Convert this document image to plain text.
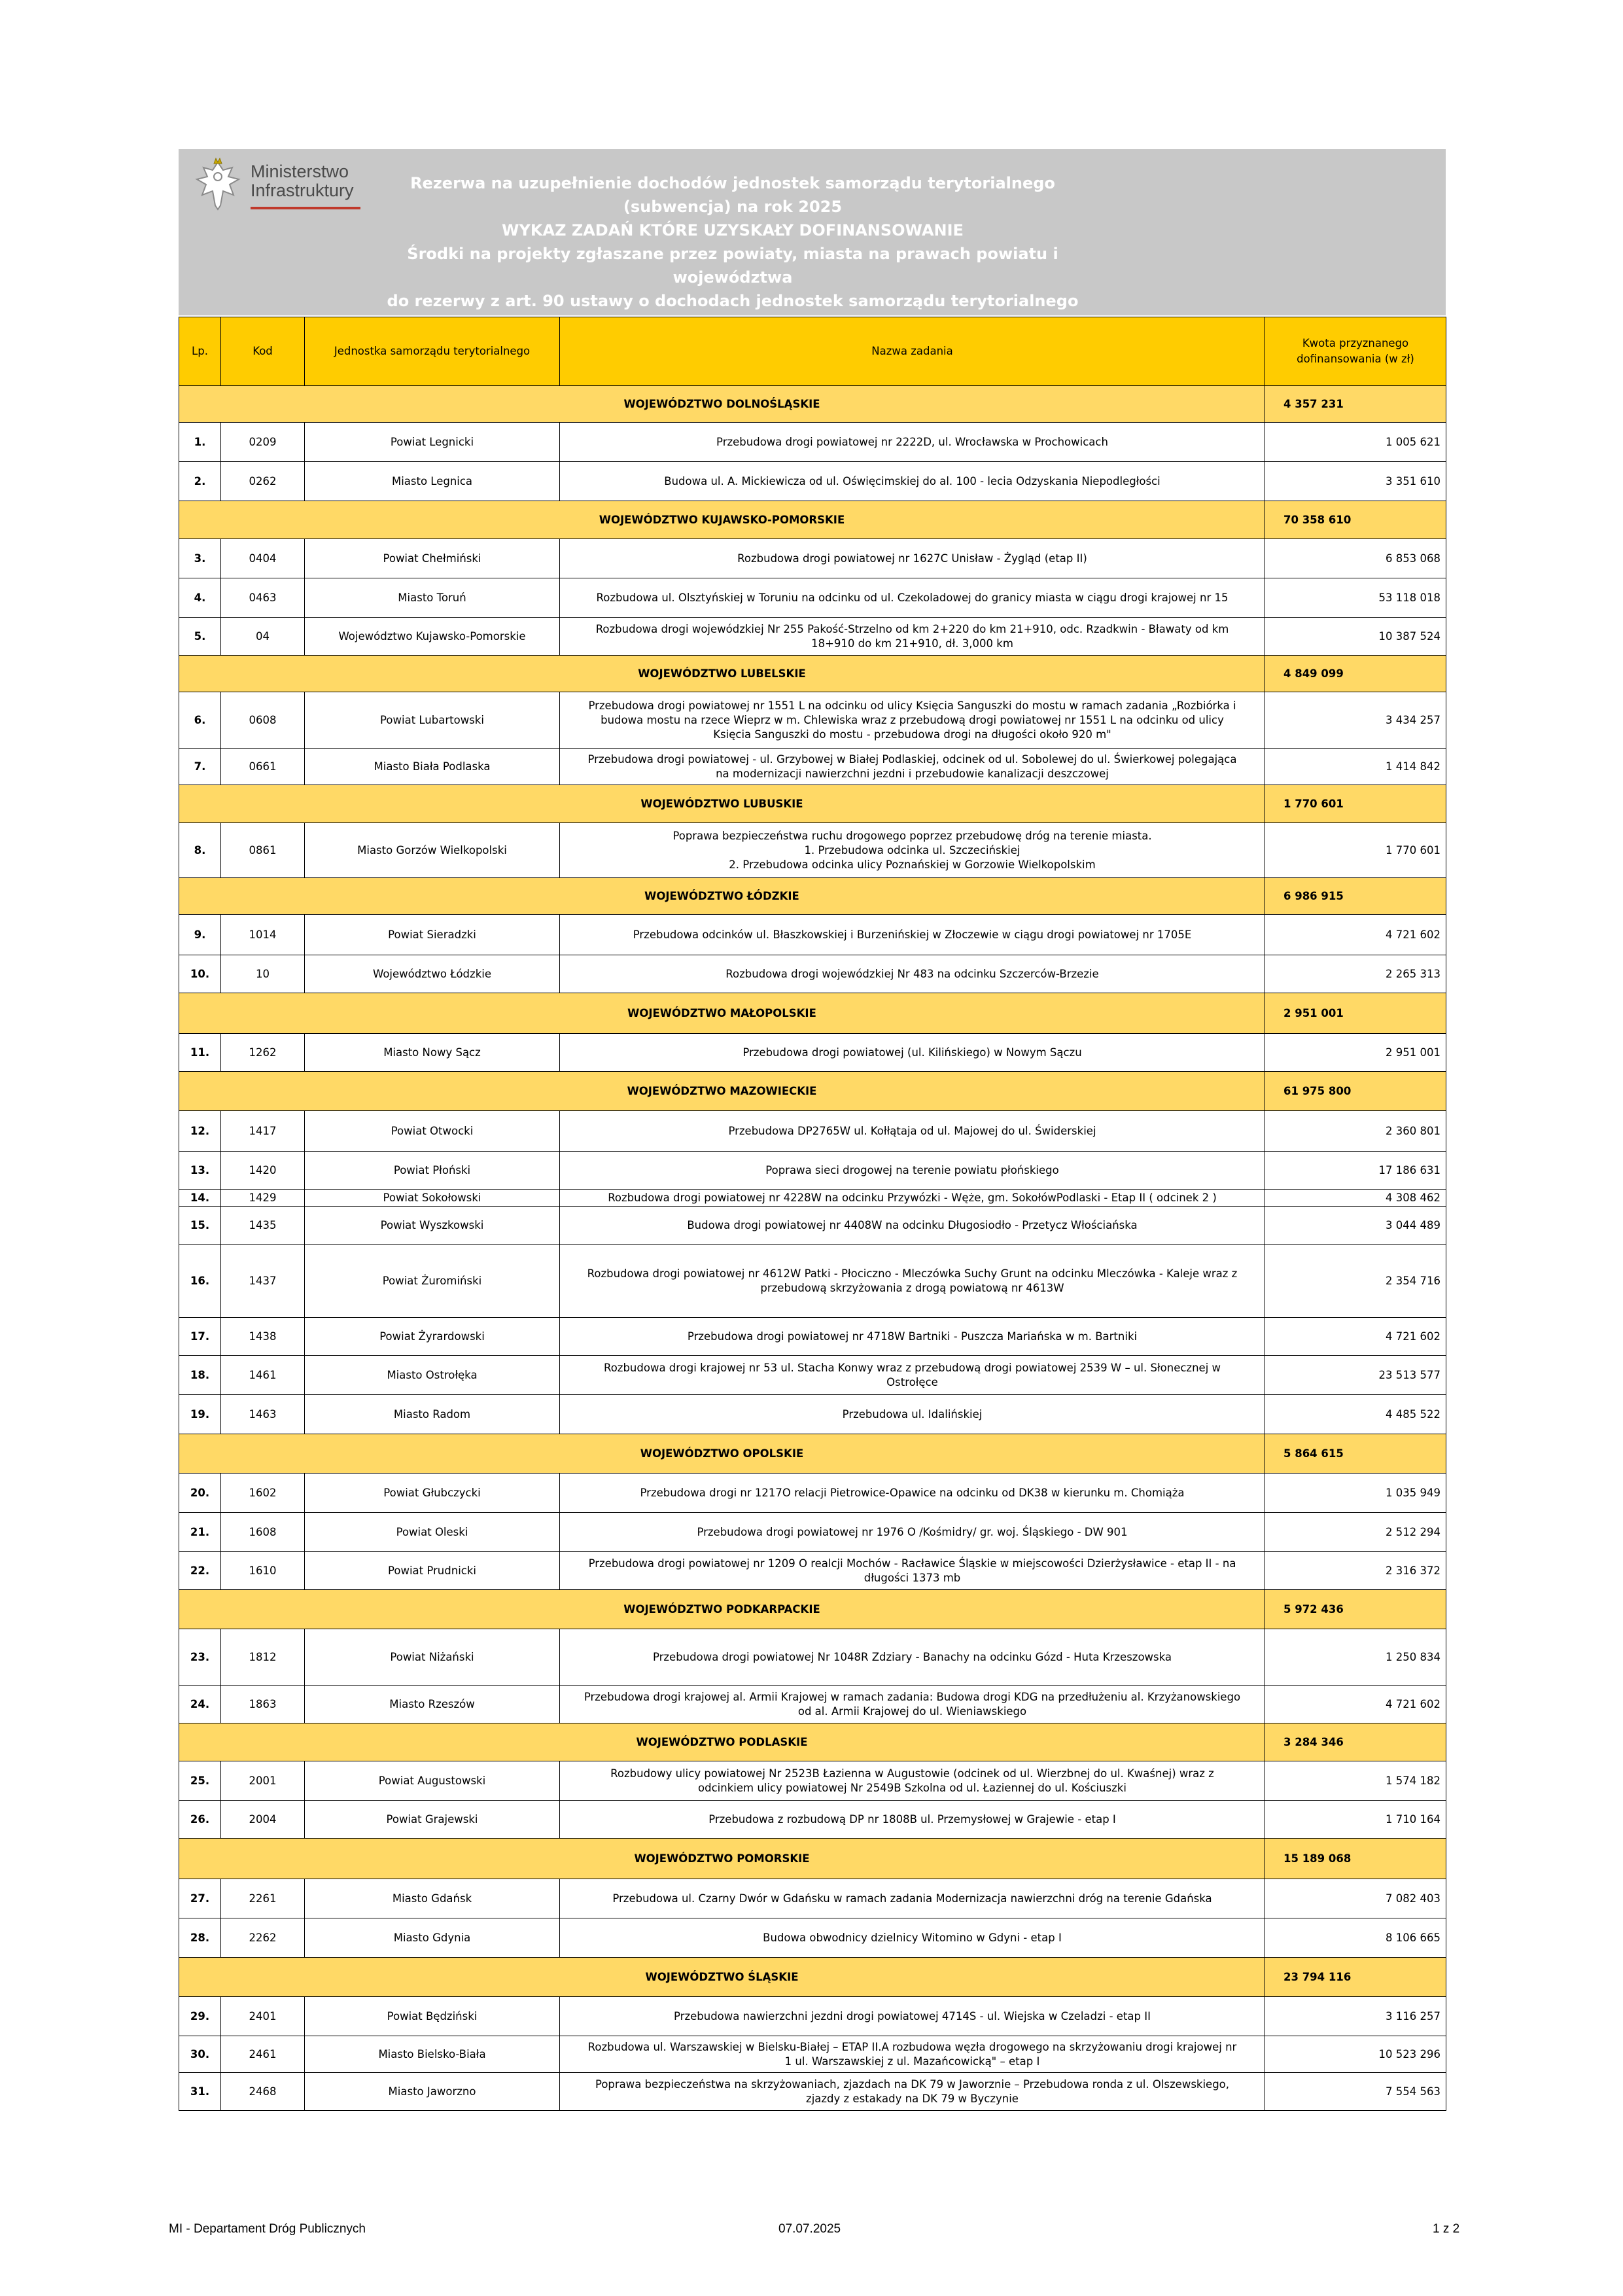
Ministerstwo
Infrastruktury	Rezerwa na uzupełnienie dochodów jednostek samorządu terytorialnego (subwencja) na rok 2025
WYKAZ ZADAŃ KTÓRE UZYSKAŁY DOFINANSOWANIE
Środki na projekty zgłaszane przez powiaty, miasta na prawach powiatu i województwa
do rezerwy z art. 90 ustawy o dochodach jednostek samorządu terytorialnego
Lp.	Kod	Jednostka samorządu terytorialnego	Nazwa zadania	Kwota przyznanego
dofinansowania (w zł)

WOJEWÓDZTWO DOLNOŚLĄSKIE				4 357 231
1.	0209	Powiat Legnicki	Przebudowa drogi powiatowej nr 2222D, ul. Wrocławska w Prochowicach	1 005 621
2.	0262	Miasto Legnica	Budowa ul. A. Mickiewicza od ul. Oświęcimskiej do al. 100 - lecia Odzyskania Niepodległości	3 351 610
WOJEWÓDZTWO KUJAWSKO-POMORSKIE				70 358 610
3.	0404	Powiat Chełmiński	Rozbudowa drogi powiatowej nr 1627C Unisław - Żygląd (etap II)	6 853 068
4.	0463	Miasto Toruń	Rozbudowa ul. Olsztyńskiej w Toruniu na odcinku od ul. Czekoladowej do granicy miasta w ciągu drogi krajowej nr 15	53 118 018
5.	04	Województwo Kujawsko-Pomorskie	Rozbudowa drogi wojewódzkiej Nr 255 Pakość-Strzelno od km 2+220 do km 21+910, odc. Rzadkwin - Bławaty od km
18+910 do km 21+910, dł. 3,000 km	10 387 524
WOJEWÓDZTWO LUBELSKIE				4 849 099
6.	0608	Powiat Lubartowski	Przebudowa drogi powiatowej nr 1551 L na odcinku od ulicy Księcia Sanguszki do mostu w ramach zadania „Rozbiórka i
budowa mostu na rzece Wieprz w m. Chlewiska wraz z przebudową drogi powiatowej nr 1551 L na odcinku od ulicy
Księcia Sanguszki do mostu - przebudowa drogi na długości około 920 m"	3 434 257
7.	0661	Miasto Biała Podlaska	Przebudowa drogi powiatowej - ul. Grzybowej w Białej Podlaskiej, odcinek od ul. Sobolewej do ul. Świerkowej polegająca
na modernizacji nawierzchni jezdni i przebudowie kanalizacji deszczowej	1 414 842
WOJEWÓDZTWO LUBUSKIE				1 770 601
8.	0861	Miasto Gorzów Wielkopolski	Poprawa bezpieczeństwa ruchu drogowego poprzez przebudowę dróg na terenie miasta.
1. Przebudowa odcinka ul. Szczecińskiej
2. Przebudowa odcinka ulicy Poznańskiej w Gorzowie Wielkopolskim	1 770 601
WOJEWÓDZTWO ŁÓDZKIE				6 986 915
9.	1014	Powiat Sieradzki	Przebudowa odcinków ul. Błaszkowskiej i Burzenińskiej w Złoczewie w ciągu drogi powiatowej nr 1705E	4 721 602
10.	10	Województwo Łódzkie	Rozbudowa drogi wojewódzkiej Nr 483 na odcinku Szczerców-Brzezie	2 265 313
WOJEWÓDZTWO MAŁOPOLSKIE				2 951 001
11.	1262	Miasto Nowy Sącz	Przebudowa drogi powiatowej (ul. Kilińskiego) w Nowym Sączu	2 951 001
WOJEWÓDZTWO MAZOWIECKIE				61 975 800
12.	1417	Powiat Otwocki	Przebudowa DP2765W ul. Kołłątaja od ul. Majowej do ul. Świderskiej	2 360 801
13.	1420	Powiat Płoński	Poprawa sieci drogowej na terenie powiatu płońskiego	17 186 631
14.	1429	Powiat Sokołowski	Rozbudowa drogi powiatowej nr 4228W na odcinku Przywózki - Węże, gm. SokołówPodlaski - Etap II ( odcinek 2 )	4 308 462
15.	1435	Powiat Wyszkowski	Budowa drogi powiatowej nr 4408W na odcinku Długosiodło - Przetycz Włościańska	3 044 489
16.	1437	Powiat Żuromiński	Rozbudowa drogi powiatowej nr 4612W Patki - Płociczno - Mleczówka Suchy Grunt na odcinku Mleczówka - Kaleje wraz z
przebudową skrzyżowania z drogą powiatową nr 4613W	2 354 716
17.	1438	Powiat Żyrardowski	Przebudowa drogi powiatowej nr 4718W Bartniki - Puszcza Mariańska w m. Bartniki	4 721 602
18.	1461	Miasto Ostrołęka	Rozbudowa drogi krajowej nr 53 ul. Stacha Konwy wraz z przebudową drogi powiatowej 2539 W – ul. Słonecznej w
Ostrołęce	23 513 577
19.	1463	Miasto Radom	Przebudowa ul. Idalińskiej	4 485 522
WOJEWÓDZTWO OPOLSKIE				5 864 615
20.	1602	Powiat Głubczycki	Przebudowa drogi nr 1217O relacji Pietrowice-Opawice na odcinku od DK38 w kierunku m. Chomiąża	1 035 949
21.	1608	Powiat Oleski	Przebudowa drogi powiatowej nr 1976 O /Kośmidry/ gr. woj. Śląskiego - DW 901	2 512 294
22.	1610	Powiat Prudnicki	Przebudowa drogi powiatowej nr 1209 O realcji Mochów - Racławice Śląskie w miejscowości Dzierżysławice - etap II - na
długości 1373 mb	2 316 372
WOJEWÓDZTWO PODKARPACKIE				5 972 436
23.	1812	Powiat Niżański	Przebudowa drogi powiatowej Nr 1048R Zdziary - Banachy na odcinku Gózd - Huta Krzeszowska	1 250 834
24.	1863	Miasto Rzeszów	Przebudowa drogi krajowej al. Armii Krajowej w ramach zadania: Budowa drogi KDG na przedłużeniu al. Krzyżanowskiego
od al. Armii Krajowej do ul. Wieniawskiego	4 721 602
WOJEWÓDZTWO PODLASKIE				3 284 346
25.	2001	Powiat Augustowski	Rozbudowy ulicy powiatowej Nr 2523B Łazienna w Augustowie (odcinek od ul. Wierzbnej do ul. Kwaśnej) wraz z
odcinkiem ulicy powiatowej Nr 2549B Szkolna od ul. Łaziennej do ul. Kościuszki	1 574 182
26.	2004	Powiat Grajewski	Przebudowa z rozbudową DP nr 1808B ul. Przemysłowej w Grajewie - etap I	1 710 164
WOJEWÓDZTWO POMORSKIE				15 189 068
27.	2261	Miasto Gdańsk	Przebudowa ul. Czarny Dwór w Gdańsku w ramach zadania Modernizacja nawierzchni dróg na terenie Gdańska	7 082 403
28.	2262	Miasto Gdynia	Budowa obwodnicy dzielnicy Witomino w Gdyni - etap I	8 106 665
WOJEWÓDZTWO ŚLĄSKIE				23 794 116
29.	2401	Powiat Będziński	Przebudowa nawierzchni jezdni drogi powiatowej 4714S - ul. Wiejska w Czeladzi - etap II	3 116 257
30.	2461	Miasto Bielsko-Biała	Rozbudowa ul. Warszawskiej w Bielsku-Białej – ETAP II.A rozbudowa węzła drogowego na skrzyżowaniu drogi krajowej nr
1 ul. Warszawskiej z ul. Mazańcowicką" – etap I	10 523 296
31.	2468	Miasto Jaworzno	Poprawa bezpieczeństwa na skrzyżowaniach, zjazdach na DK 79 w Jaworznie – Przebudowa ronda z ul. Olszewskiego,
zjazdy z estakady na DK 79 w Byczynie	7 554 563
MI - Departament Dróg Publicznych	07.07.2025	1 z 2
